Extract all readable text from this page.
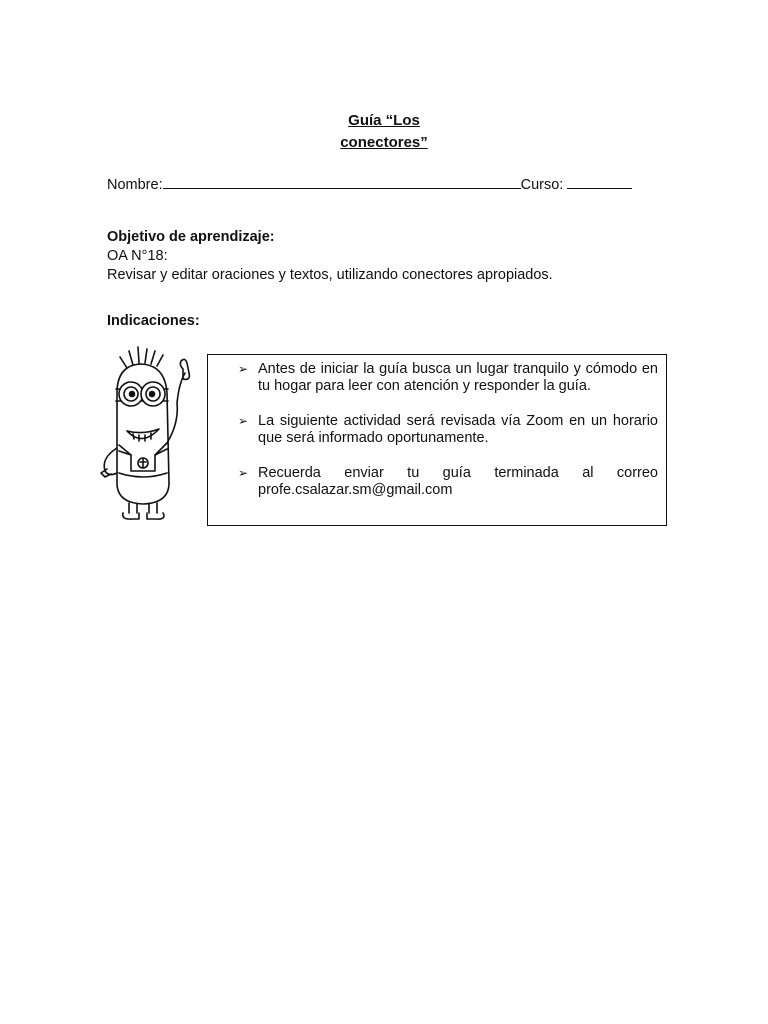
Guía “Los
conectores”
Nombre:	Curso:
Objetivo de aprendizaje:
OA N°18:
Revisar y editar oraciones y textos, utilizando conectores apropiados.
Indicaciones:
➢ Antes de iniciar la guía busca un lugar tranquilo y cómodo en tu hogar para leer con atención y responder la guía.
➢ La siguiente actividad será revisada vía Zoom en un horario que será informado oportunamente.
➢ Recuerda enviar tu guía terminada al correo profe.csalazar.sm@gmail.com
